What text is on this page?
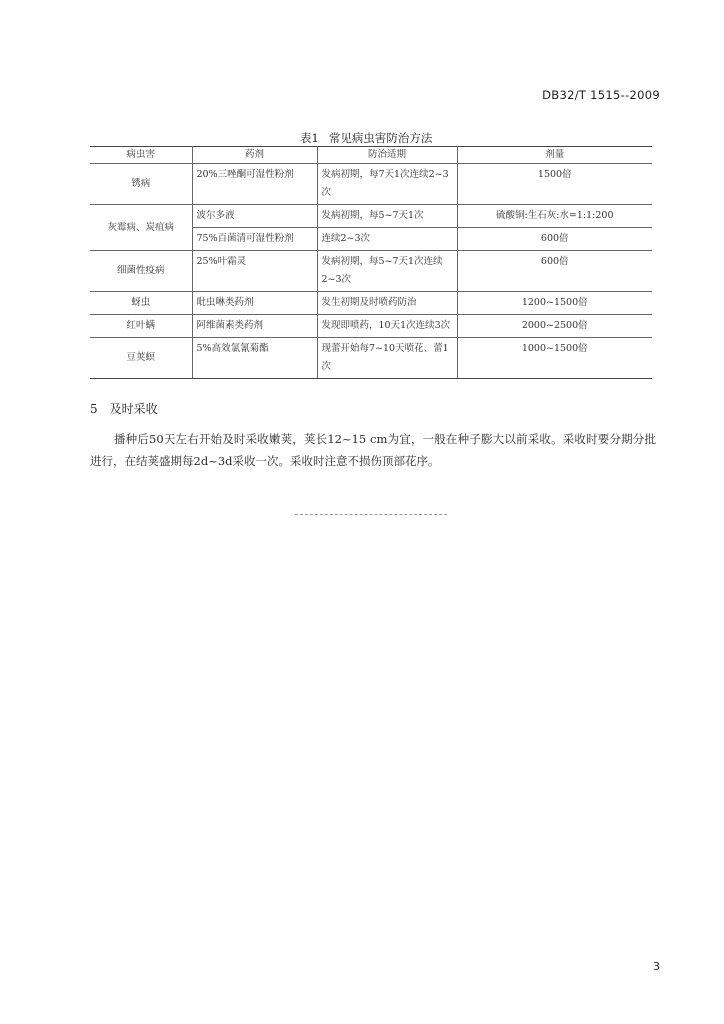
DB32/T 1515--2009
表1 常见病虫害防治方法
病虫害	药剂	防治适期	剂量
锈病	20%三唑酮可湿性粉剂	发病初期，每7天1次连续2~3次	1500倍
灰霉病、炭疽病	波尔多液	发病初期，每5~7天1次	硫酸铜:生石灰:水=1:1:200
	75%百菌清可湿性粉剂	连续2~3次	600倍
细菌性疫病	25%叶霜灵	发病初期，每5~7天1次连续2~3次	600倍
蚜虫	吡虫啉类药剂	发生初期及时喷药防治	1200~1500倍
红叶螨	阿维菌素类药剂	发现即喷药，10天1次连续3次	2000~2500倍
豆荚螟	5%高效氯氰菊酯	现蕾开始每7~10天喷花、蕾1次	1000~1500倍
5 及时采收
播种后50天左右开始及时采收嫩荚，荚长12~15 cm为宜，一般在种子膨大以前采收。采收时要分期分批进行，在结荚盛期每2d~3d采收一次。采收时注意不损伤顶部花序。
3
